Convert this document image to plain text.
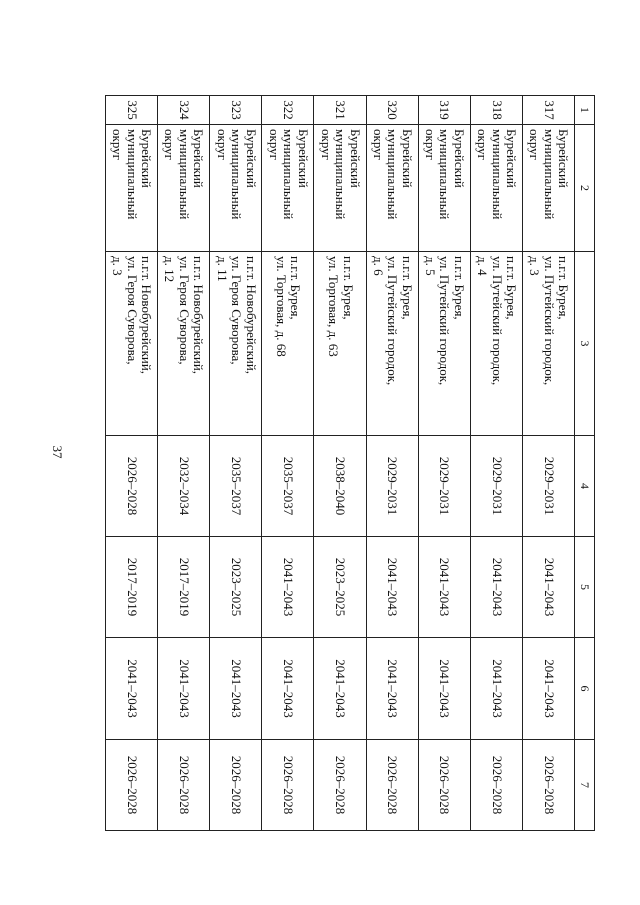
37
1	2	3	4	5	6	7
317	Бурейский
муниципальный
округ	п.г.т. Бурея,
ул. Путейский городок,
д. 3	2029–2031	2041–2043	2041–2043	2026–2028
318	Бурейский
муниципальный
округ	п.г.т. Бурея,
ул. Путейский городок,
д. 4	2029–2031	2041–2043	2041–2043	2026–2028
319	Бурейский
муниципальный
округ	п.г.т. Бурея,
ул. Путейский городок,
д. 5	2029–2031	2041–2043	2041–2043	2026–2028
320	Бурейский
муниципальный
округ	п.г.т. Бурея,
ул. Путейский городок,
д. 6	2029–2031	2041–2043	2041–2043	2026–2028
321	Бурейский
муниципальный
округ	п.г.т. Бурея,
ул. Торговая, д. 63	2038–2040	2023–2025	2041–2043	2026–2028
322	Бурейский
муниципальный
округ	п.г.т. Бурея,
ул. Торговая, д. 68	2035–2037	2041–2043	2041–2043	2026–2028
323	Бурейский
муниципальный
округ	п.г.т. Новобурейский,
ул. Героя Суворова,
д. 11	2035–2037	2023–2025	2041–2043	2026–2028
324	Бурейский
муниципальный
округ	п.г.т. Новобурейский,
ул. Героя Суворова,
д. 12	2032–2034	2017–2019	2041–2043	2026–2028
325	Бурейский
муниципальный
округ	п.г.т. Новобурейский,
ул. Героя Суворова,
д. 3	2026–2028	2017–2019	2041–2043	2026–2028
